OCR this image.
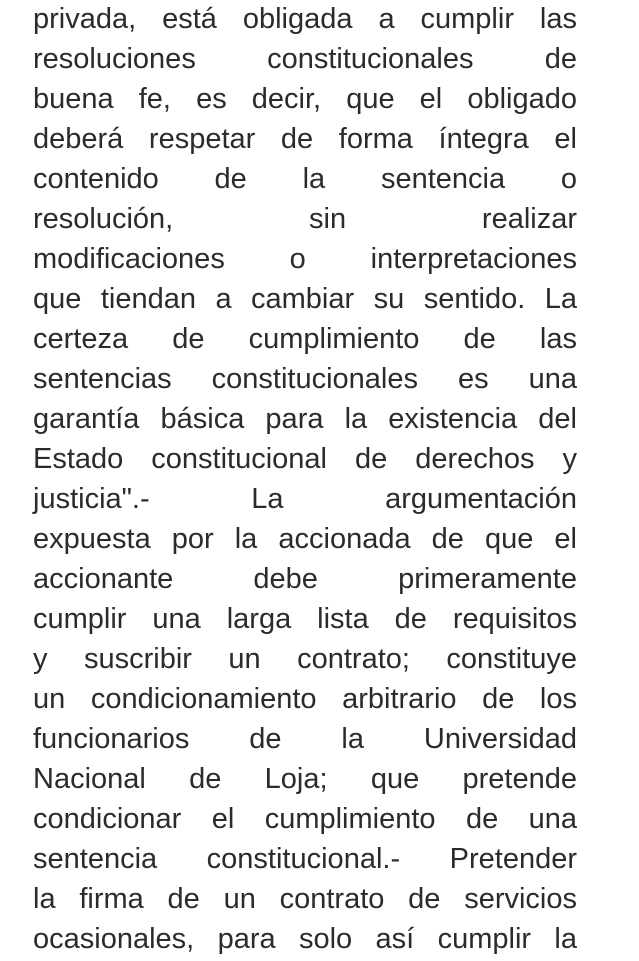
privada, está obligada a cumplir las
resoluciones constitucionales de
buena fe, es decir, que el obligado
deberá respetar de forma íntegra el
contenido de la sentencia o
resolución, sin realizar
modificaciones o interpretaciones
que tiendan a cambiar su sentido. La
certeza de cumplimiento de las
sentencias constitucionales es una
garantía básica para la existencia del
Estado constitucional de derechos y
justicia".- La argumentación
expuesta por la accionada de que el
accionante debe primeramente
cumplir una larga lista de requisitos
y suscribir un contrato; constituye
un condicionamiento arbitrario de los
funcionarios de la Universidad
Nacional de Loja; que pretende
condicionar el cumplimiento de una
sentencia constitucional.- Pretender
la firma de un contrato de servicios
ocasionales, para solo así cumplir la
